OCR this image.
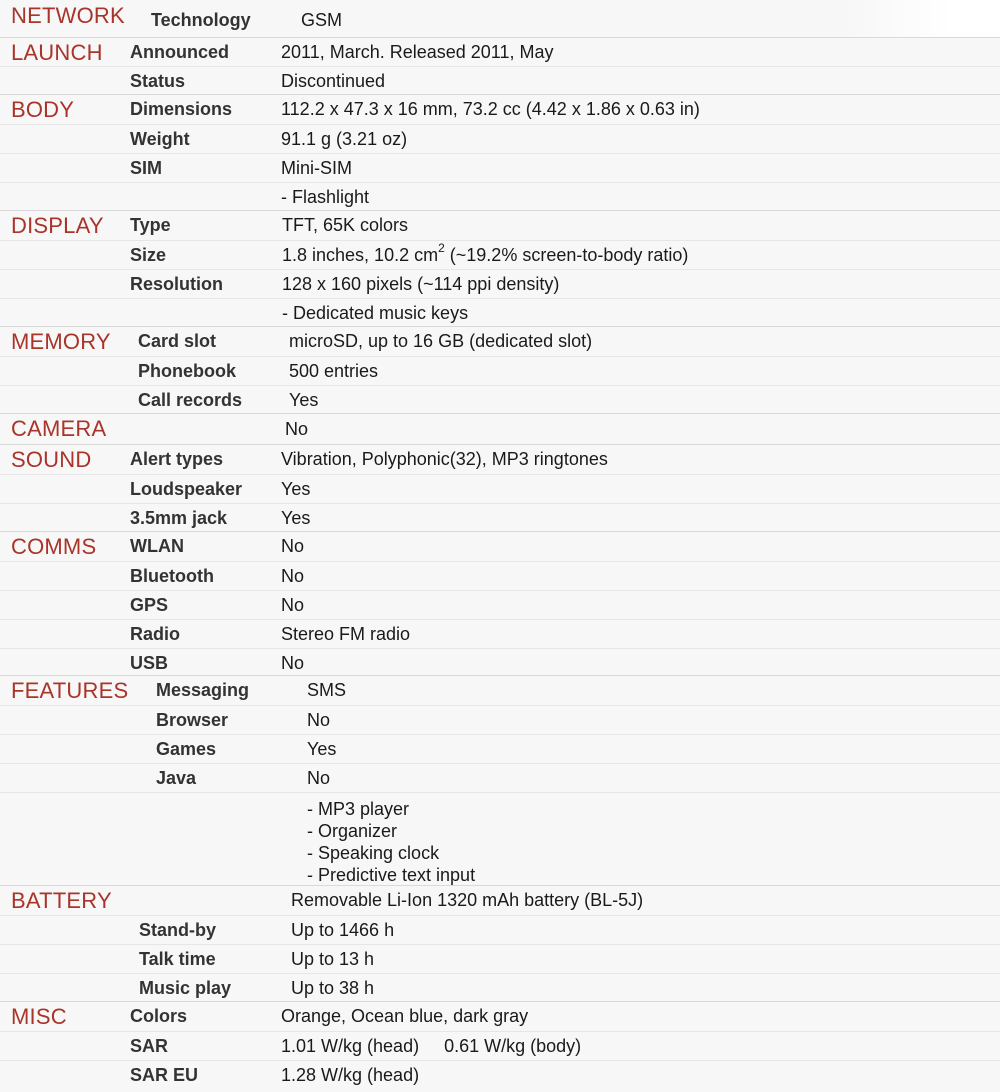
NETWORK Technology	GSM
LAUNCH Announced	2011, March. Released 2011, May
Status	Discontinued
BODY	Dimensions	112.2 x 47.3 x 16 mm, 73.2 cc (4.42 x 1.86 x 0.63 in)
Weight	91.1 g (3.21 oz)
SIM	Mini-SIM
- Flashlight
DISPLAY Type	TFT, 65K colors
Size	1.8 inches, 10.2 $cm^2$ (~19.2% screen-to-body ratio)
Resolution	128 x 160 pixels (~114 ppi density)
- Dedicated music keys
MEMORY Card slot	microSD, up to 16 GB (dedicated slot)
Phonebook	500 entries
Call records	Yes
CAMERA	No
SOUND Alert types	Vibration, Polyphonic(32), MP3 ringtones
Loudspeaker Yes
3.5mm jack	Yes
COMMS WLAN	No
Bluetooth	No
GPS	No
Radio	Stereo FM radio
USB	No
FEATURES Messaging	SMS
Browser	No
Games	Yes
Java	No
- MP3 player
- Organizer
- Speaking clock
- Predictive text input
BATTERY	Removable Li-Ion 1320 mAh battery (BL-5J)
Stand-by	Up to 1466 h
Talk time	Up to 13 h
Music play	Up to 38 h
MISC	Colors	Orange, Ocean blue, dark gray
SAR	1.01 W/kg (head)     0.61 W/kg (body)
SAR EU	1.28 W/kg (head)
